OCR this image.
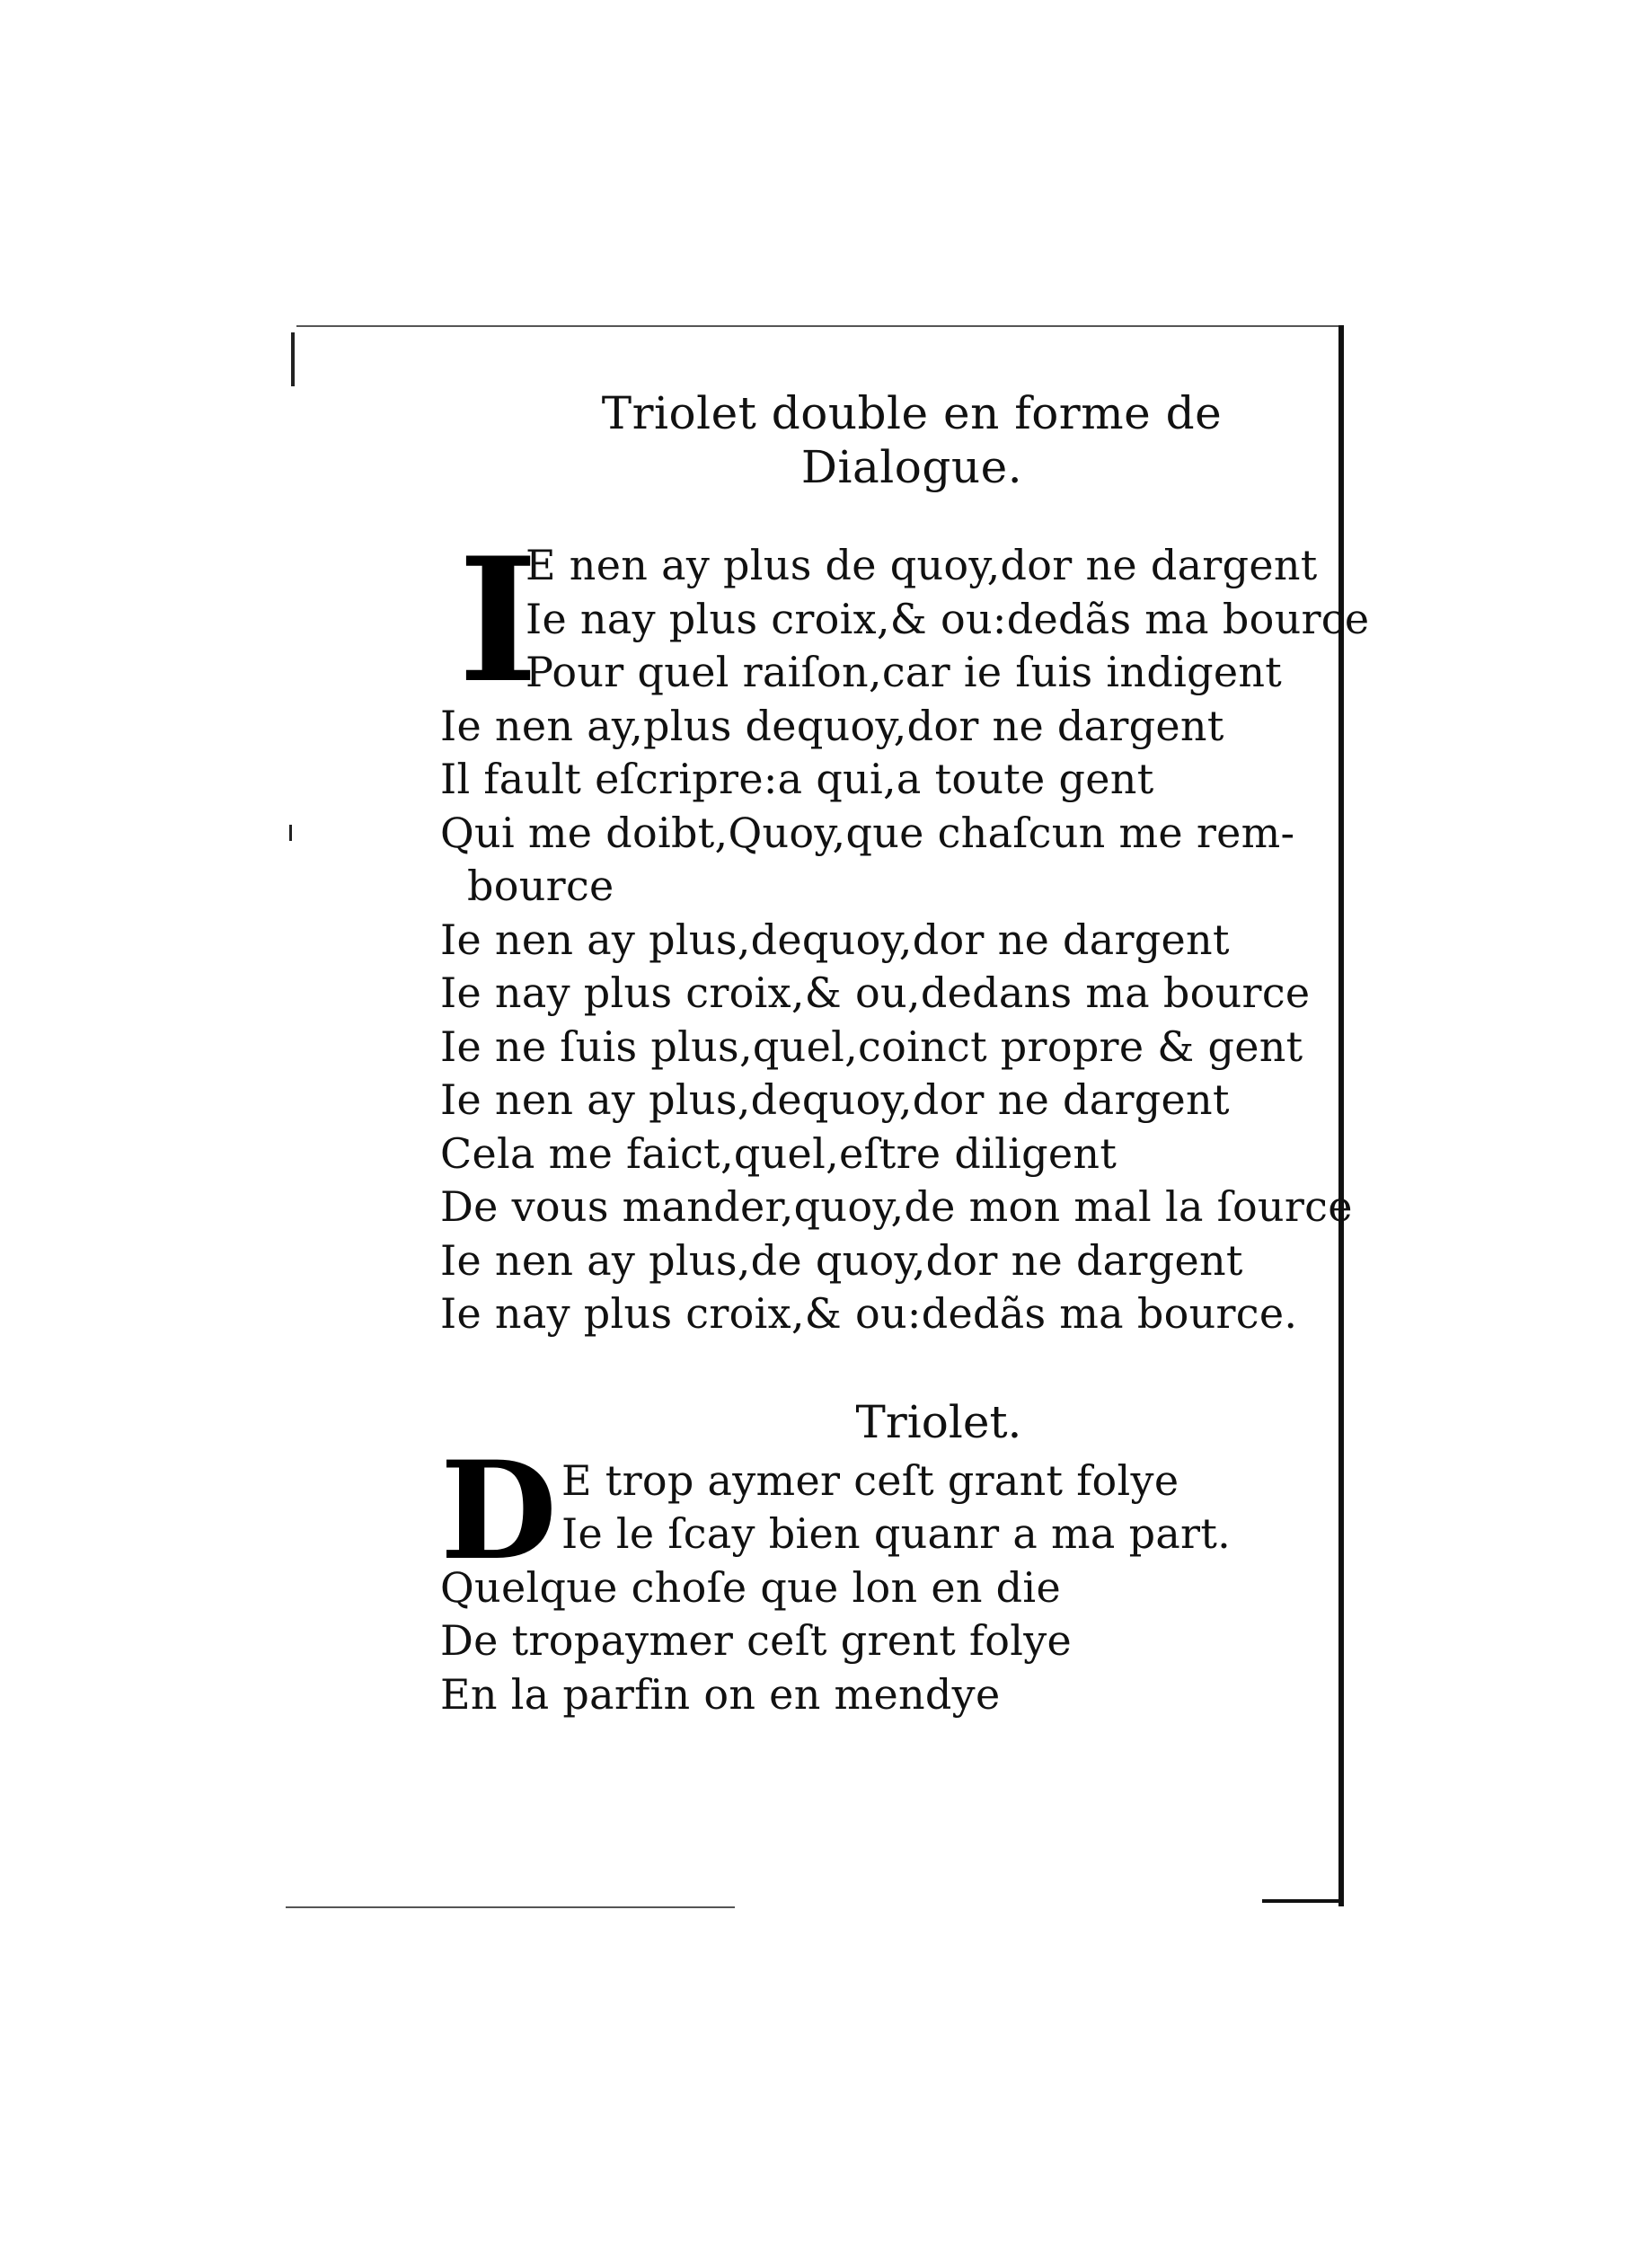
Triolet double en forme de Dialogue.
I
E nen ay plus de quoy,dor ne dargent
Ie nay plus croix,& ou:dedãs ma bource
Pour quel raiſon,car ie ſuis indigent
Ie nen ay,plus dequoy,dor ne dargent
Il fault eſcripre:a qui,a toute gent
Qui me doibt,Quoy,que chaſcun me rem-
bource
Ie nen ay plus,dequoy,dor ne dargent
Ie nay plus croix,& ou,dedans ma bource
Ie ne ſuis plus,quel,coinct propre & gent
Ie nen ay plus,dequoy,dor ne dargent
Cela me faict,quel,eſtre diligent
De vous mander,quoy,de mon mal la ſource
Ie nen ay plus,de quoy,dor ne dargent
Ie nay plus croix,& ou:dedãs ma bource.
Triolet.
D E trop aymer ceſt grant folye
Ie le ſcay bien quanr a ma part.
Quelque choſe que lon en die
De tropaymer ceſt grent folye
En la parfin on en mendye
